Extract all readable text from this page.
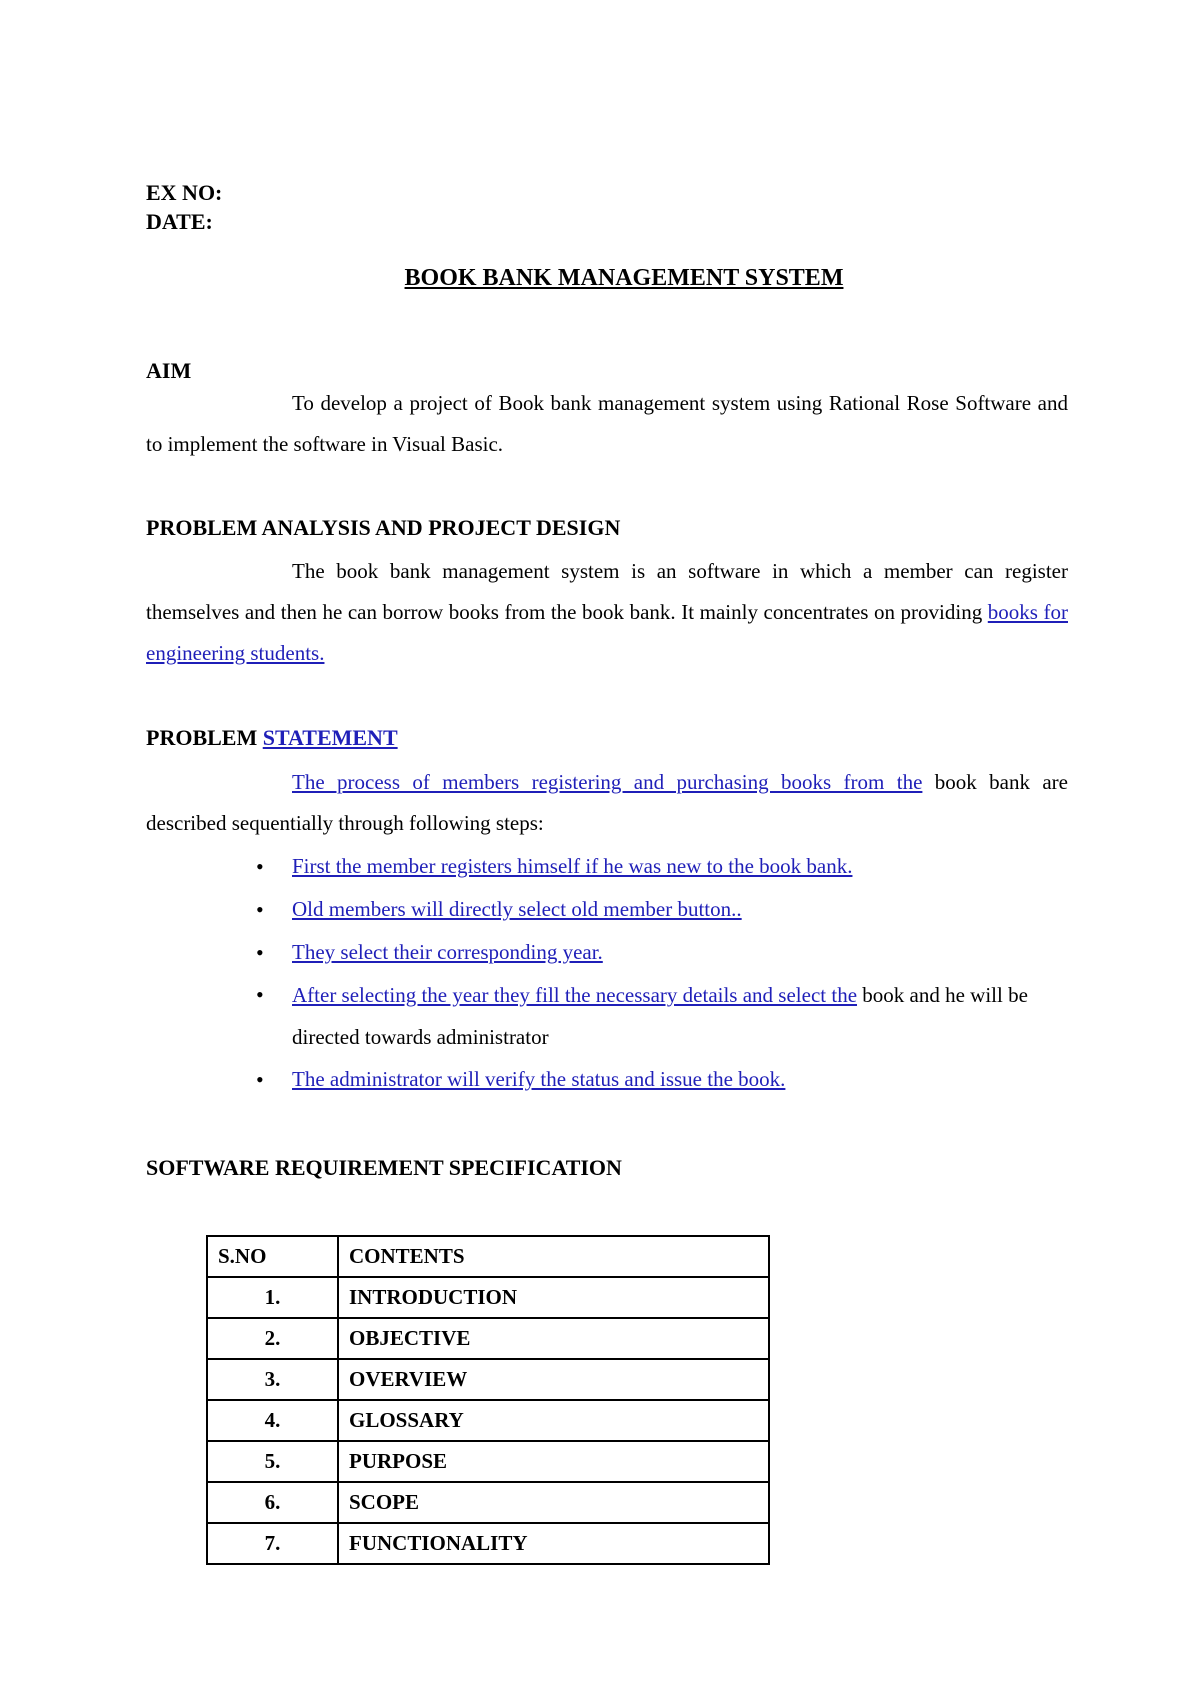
EX NO:
DATE:
BOOK BANK MANAGEMENT SYSTEM
AIM
To develop a project of Book bank management system using Rational Rose Software and to implement the software in Visual Basic.
PROBLEM ANALYSIS AND PROJECT DESIGN
The book bank management system is an software in which a member can register themselves and then he can borrow books from the book bank. It mainly concentrates on providing books for engineering students.
PROBLEM STATEMENT
The process of members registering and purchasing books from the book bank are described sequentially through following steps:
• First the member registers himself if he was new to the book bank.
• Old members will directly select old member button..
• They select their corresponding year.
• After selecting the year they fill the necessary details and select the book and he will be directed towards administrator
• The administrator will verify the status and issue the book.
SOFTWARE REQUIREMENT SPECIFICATION
S.NO	CONTENTS
1.	INTRODUCTION
2.	OBJECTIVE
3.	OVERVIEW
4.	GLOSSARY
5.	PURPOSE
6.	SCOPE
7.	FUNCTIONALITY
